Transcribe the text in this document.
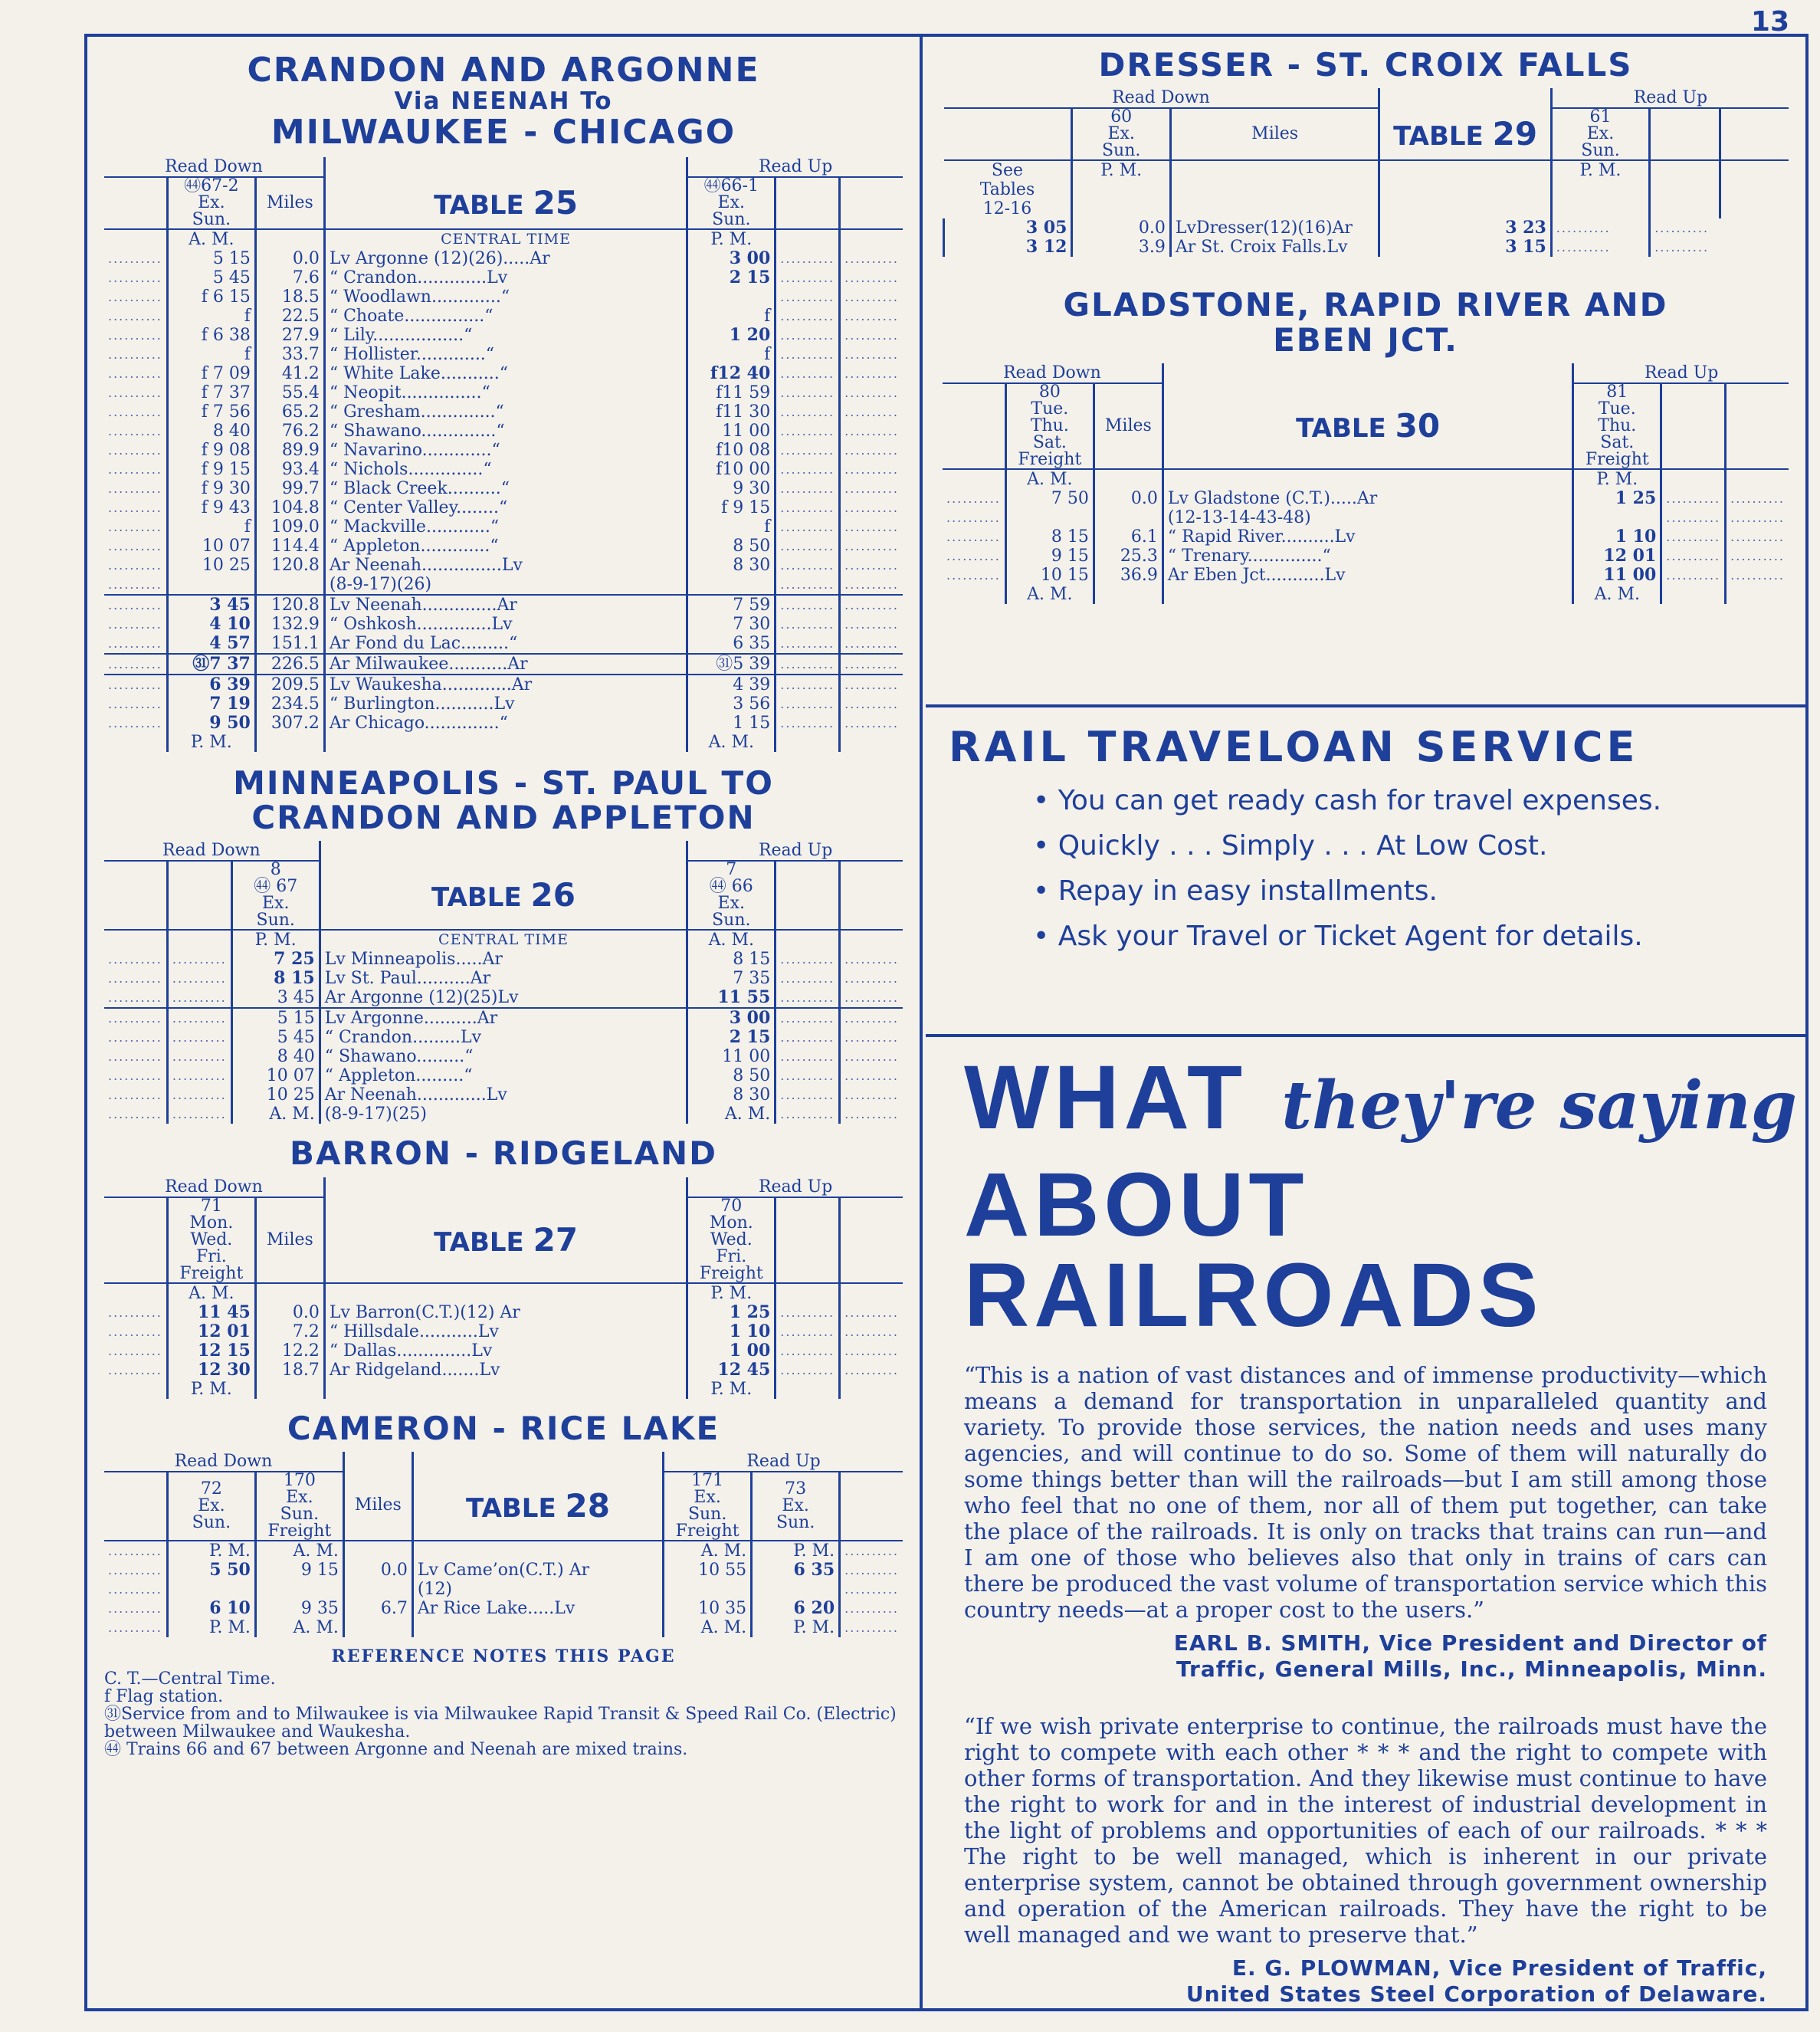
13
CRANDON AND ARGONNE
Via NEENAH To
MILWAUKEE - CHICAGO
Read Down				Read Up		
	㊹67-2
Ex.
Sun.	Miles	TABLE 25	㊹66-1
Ex.
Sun.		
	A. M.		CENTRAL TIME	P. M.		
..........	5 15	0.0	Lv Argonne (12)(26).....Ar	3 00	..........	..........
..........	5 45	7.6	“ Crandon.............Lv	2 15	..........	..........
..........	f 6 15	18.5	“ Woodlawn.............“		..........	..........
..........	f	22.5	“ Choate...............“	f	..........	..........
..........	f 6 38	27.9	“ Lily.................“	1 20	..........	..........
..........	f	33.7	“ Hollister.............“	f	..........	..........
..........	f 7 09	41.2	“ White Lake...........“	f12 40	..........	..........
..........	f 7 37	55.4	“ Neopit...............“	f11 59	..........	..........
..........	f 7 56	65.2	“ Gresham..............“	f11 30	..........	..........
..........	8 40	76.2	“ Shawano..............“	11 00	..........	..........
..........	f 9 08	89.9	“ Navarino.............“	f10 08	..........	..........
..........	f 9 15	93.4	“ Nichols..............“	f10 00	..........	..........
..........	f 9 30	99.7	“ Black Creek..........“	9 30	..........	..........
..........	f 9 43	104.8	“ Center Valley........“	f 9 15	..........	..........
..........	f	109.0	“ Mackville............“	f	..........	..........
..........	10 07	114.4	“ Appleton.............“	8 50	..........	..........
..........	10 25	120.8	Ar Neenah...............Lv	8 30	..........	..........
..........			(8-9-17)(26)		..........	..........
..........	3 45	120.8	Lv Neenah..............Ar	7 59	..........	..........
..........	4 10	132.9	“ Oshkosh..............Lv	7 30	..........	..........
..........	4 57	151.1	Ar Fond du Lac.........“	6 35	..........	..........
..........	㉛7 37	226.5	Ar Milwaukee...........Ar	㉛5 39	..........	..........
..........	6 39	209.5	Lv Waukesha.............Ar	4 39	..........	..........
..........	7 19	234.5	“ Burlington...........Lv	3 56	..........	..........
..........	9 50	307.2	Ar Chicago..............“	1 15	..........	..........
	P. M.			A. M.		
MINNEAPOLIS - ST. PAUL TO
CRANDON AND APPLETON
Read Down				Read Up		
		8
㊹ 67
Ex.
Sun.	TABLE 26	7
㊹ 66
Ex.
Sun.		
		P. M.	CENTRAL TIME	A. M.		
..........	..........	7 25	Lv Minneapolis.....Ar	8 15	..........	..........
..........	..........	8 15	Lv St. Paul..........Ar	7 35	..........	..........
..........	..........	3 45	Ar Argonne (12)(25)Lv	11 55	..........	..........
..........	..........	5 15	Lv Argonne..........Ar	3 00	..........	..........
..........	..........	5 45	“ Crandon.........Lv	2 15	..........	..........
..........	..........	8 40	“ Shawano.........“	11 00	..........	..........
..........	..........	10 07	“ Appleton.........“	8 50	..........	..........
..........	..........	10 25	Ar Neenah.............Lv	8 30	..........	..........
..........	..........	A. M.	(8-9-17)(25)	A. M.	..........	..........
BARRON - RIDGELAND
Read Down				Read Up		
	71
Mon.
Wed.
Fri.
Freight	Miles	TABLE 27	70
Mon.
Wed.
Fri.
Freight		
	A. M.			P. M.		
..........	11 45	0.0	Lv Barron(C.T.)(12) Ar	1 25	..........	..........
..........	12 01	7.2	“ Hillsdale...........Lv	1 10	..........	..........
..........	12 15	12.2	“ Dallas..............Lv	1 00	..........	..........
..........	12 30	18.7	Ar Ridgeland.......Lv	12 45	..........	..........
	P. M.			P. M.		
CAMERON - RICE LAKE
Read Down					Read Up		
	72
Ex.
Sun.	170
Ex.
Sun.
Freight	Miles	TABLE 28	171
Ex.
Sun.
Freight	73
Ex.
Sun.	
..........	P. M.	A. M.			A. M.	P. M.	..........
..........	5 50	9 15	0.0	Lv Came’on(C.T.) Ar	10 55	6 35	..........
..........				(12)			..........
..........	6 10	9 35	6.7	Ar Rice Lake.....Lv	10 35	6 20	..........
..........	P. M.	A. M.			A. M.	P. M.	..........
REFERENCE NOTES THIS PAGE
C. T.—Central Time.
f Flag station.
㉛Service from and to Milwaukee is via Milwaukee Rapid Transit & Speed Rail Co. (Electric) between Milwaukee and Waukesha.
㊹ Trains 66 and 67 between Argonne and Neenah are mixed trains.
DRESSER - ST. CROIX FALLS
Read Down				Read Up		
	60
Ex.
Sun.	Miles	TABLE 29	61
Ex.
Sun.		
See
Tables
12-16	P. M.			P. M.		
3 05	0.0	LvDresser(12)(16)Ar	3 23	..........	..........	
3 12	3.9	Ar St. Croix Falls.Lv	3 15	..........	..........	
GLADSTONE, RAPID RIVER AND
EBEN JCT.
Read Down				Read Up		
	80
Tue.
Thu.
Sat.
Freight	Miles	TABLE 30	81
Tue.
Thu.
Sat.
Freight		
	A. M.			P. M.		
..........	7 50	0.0	Lv Gladstone (C.T.).....Ar	1 25	..........	..........
..........			(12-13-14-43-48)		..........	..........
..........	8 15	6.1	“ Rapid River..........Lv	1 10	..........	..........
..........	9 15	25.3	“ Trenary..............“	12 01	..........	..........
..........	10 15	36.9	Ar Eben Jct...........Lv	11 00	..........	..........
	A. M.			A. M.		
RAIL TRAVELOAN SERVICE
• You can get ready cash for travel expenses.
• Quickly . . . Simply . . . At Low Cost.
• Repay in easy installments.
• Ask your Travel or Ticket Agent for details.
WHAT they're saying
ABOUT RAILROADS
“This is a nation of vast distances and of immense productivity—which means a demand for transportation in unparalleled quantity and variety. To provide those services, the nation needs and uses many agencies, and will continue to do so. Some of them will naturally do some things better than will the railroads—but I am still among those who feel that no one of them, nor all of them put together, can take the place of the railroads. It is only on tracks that trains can run—and I am one of those who believes also that only in trains of cars can there be produced the vast volume of transportation service which this country needs—at a proper cost to the users.”
EARL B. SMITH, Vice President and Director of
Traffic, General Mills, Inc., Minneapolis, Minn.
“If we wish private enterprise to continue, the railroads must have the right to compete with each other * * * and the right to compete with other forms of transportation. And they likewise must continue to have the right to work for and in the interest of industrial development in the light of problems and opportunities of each of our railroads. * * * The right to be well managed, which is inherent in our private enterprise system, cannot be obtained through government ownership and operation of the American railroads. They have the right to be well managed and we want to preserve that.”
E. G. PLOWMAN, Vice President of Traffic,
United States Steel Corporation of Delaware.
